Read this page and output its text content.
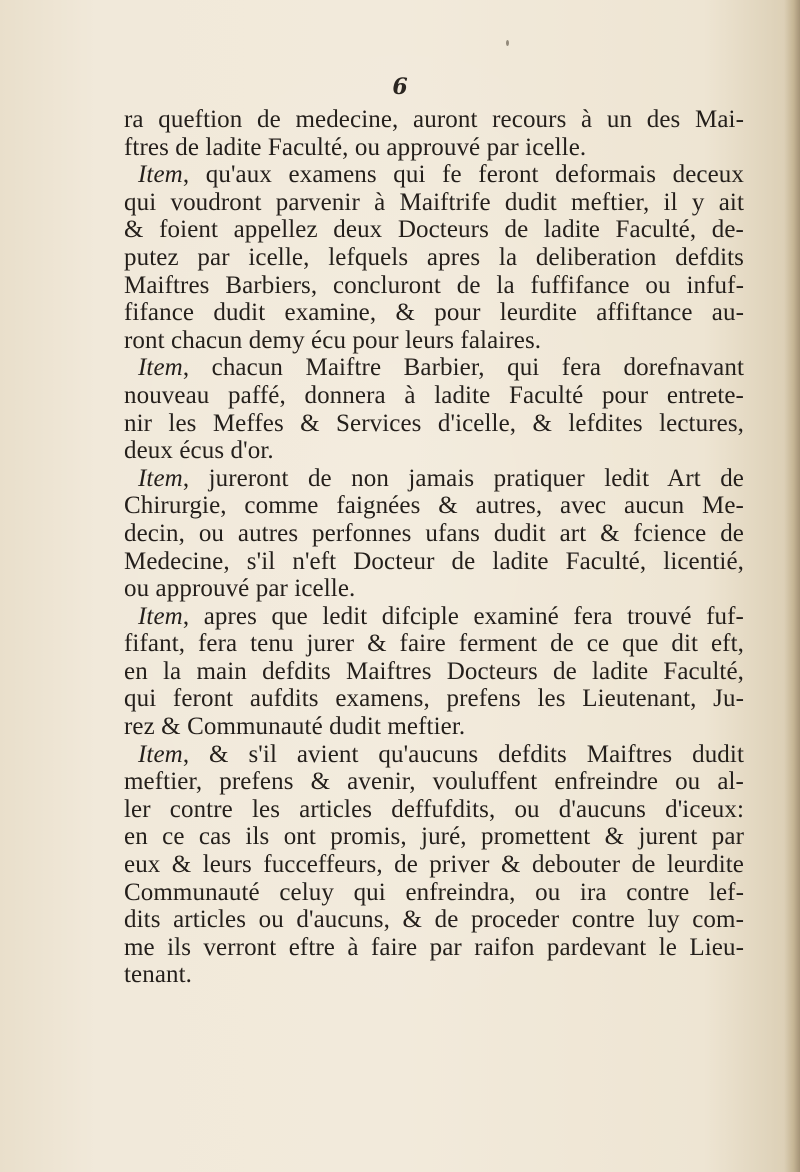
6
ra queftion de medecine, auront recours à un des Mai-
ftres de ladite Faculté, ou approuvé par icelle.
Item, qu'aux examens qui fe feront deformais deceux
qui voudront parvenir à Maiftrife dudit meftier, il y ait
& foient appellez deux Docteurs de ladite Faculté, de-
putez par icelle, lefquels apres la deliberation defdits
Maiftres Barbiers, concluront de la fuffifance ou infuf-
fifance dudit examine, & pour leurdite affiftance au-
ront chacun demy écu pour leurs falaires.
Item, chacun Maiftre Barbier, qui fera dorefnavant
nouveau paffé, donnera à ladite Faculté pour entrete-
nir les Meffes & Services d'icelle, & lefdites lectures,
deux écus d'or.
Item, jureront de non jamais pratiquer ledit Art de
Chirurgie, comme faignées & autres, avec aucun Me-
decin, ou autres perfonnes ufans dudit art & fcience de
Medecine, s'il n'eft Docteur de ladite Faculté, licentié,
ou approuvé par icelle.
Item, apres que ledit difciple examiné fera trouvé fuf-
fifant, fera tenu jurer & faire ferment de ce que dit eft,
en la main defdits Maiftres Docteurs de ladite Faculté,
qui feront aufdits examens, prefens les Lieutenant, Ju-
rez & Communauté dudit meftier.
Item, & s'il avient qu'aucuns defdits Maiftres dudit
meftier, prefens & avenir, vouluffent enfreindre ou al-
ler contre les articles deffufdits, ou d'aucuns d'iceux:
en ce cas ils ont promis, juré, promettent & jurent par
eux & leurs fucceffeurs, de priver & debouter de leurdite
Communauté celuy qui enfreindra, ou ira contre lef-
dits articles ou d'aucuns, & de proceder contre luy com-
me ils verront eftre à faire par raifon pardevant le Lieu-
tenant.
